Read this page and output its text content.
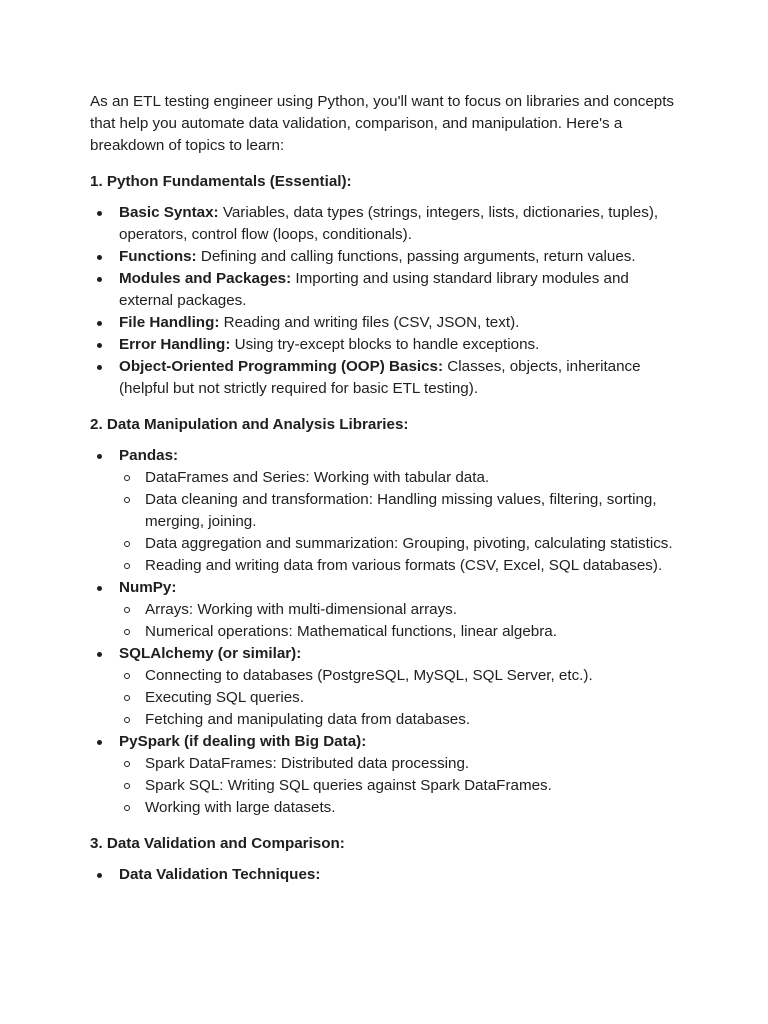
As an ETL testing engineer using Python, you'll want to focus on libraries and concepts that help you automate data validation, comparison, and manipulation. Here's a breakdown of topics to learn:

1. Python Fundamentals (Essential):

Basic Syntax: Variables, data types (strings, integers, lists, dictionaries, tuples), operators, control flow (loops, conditionals).
Functions: Defining and calling functions, passing arguments, return values.
Modules and Packages: Importing and using standard library modules and external packages.
File Handling: Reading and writing files (CSV, JSON, text).
Error Handling: Using try-except blocks to handle exceptions.
Object-Oriented Programming (OOP) Basics: Classes, objects, inheritance (helpful but not strictly required for basic ETL testing).

2. Data Manipulation and Analysis Libraries:

Pandas:
DataFrames and Series: Working with tabular data.
Data cleaning and transformation: Handling missing values, filtering, sorting, merging, joining.
Data aggregation and summarization: Grouping, pivoting, calculating statistics.
Reading and writing data from various formats (CSV, Excel, SQL databases).
NumPy:
Arrays: Working with multi-dimensional arrays.
Numerical operations: Mathematical functions, linear algebra.
SQLAlchemy (or similar):
Connecting to databases (PostgreSQL, MySQL, SQL Server, etc.).
Executing SQL queries.
Fetching and manipulating data from databases.
PySpark (if dealing with Big Data):
Spark DataFrames: Distributed data processing.
Spark SQL: Writing SQL queries against Spark DataFrames.
Working with large datasets.

3. Data Validation and Comparison:

Data Validation Techniques:
